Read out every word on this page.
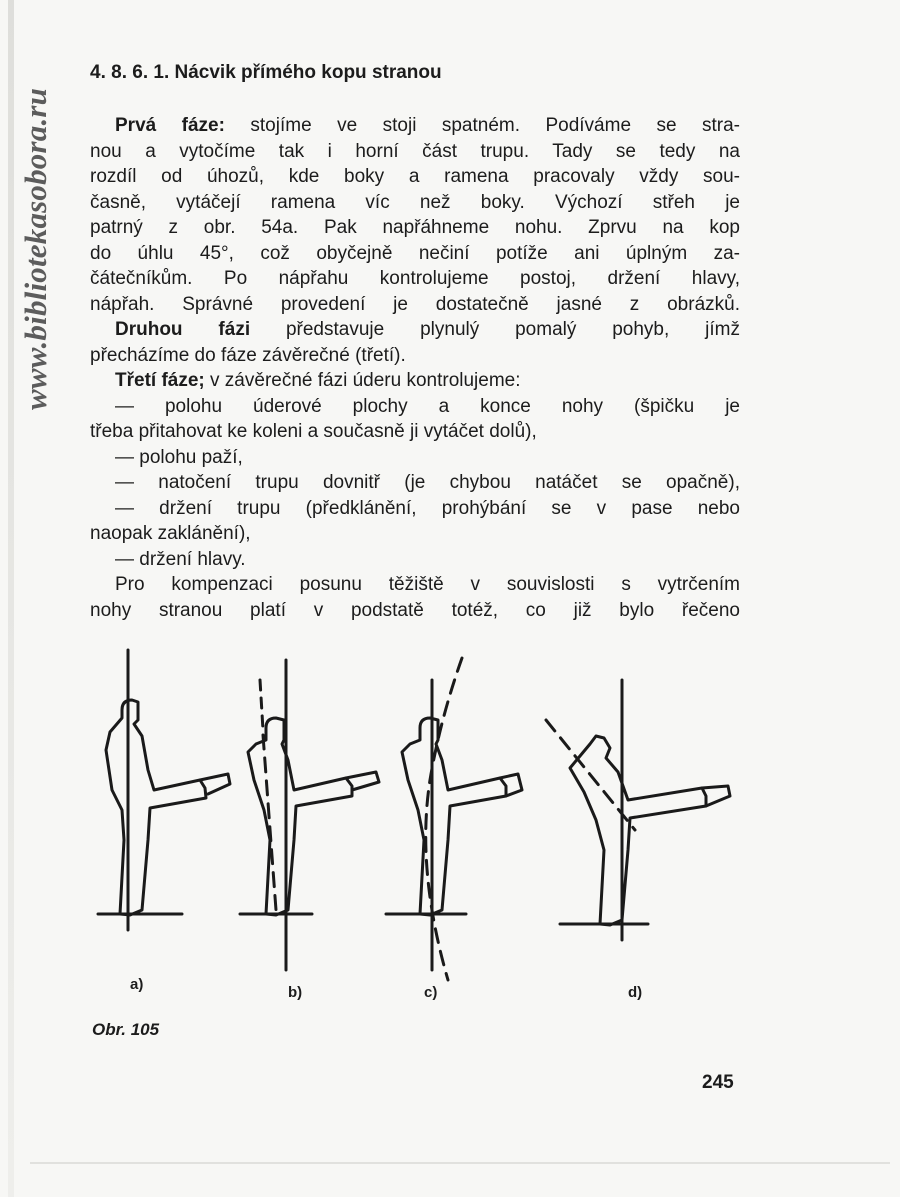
www.bibliotekasobora.ru
4. 8. 6. 1. Nácvik přímého kopu stranou
Prvá fáze: stojíme ve stoji spatném. Podíváme se stra-
nou a vytočíme tak i horní část trupu. Tady se tedy na
rozdíl od úhozů, kde boky a ramena pracovaly vždy sou-
časně, vytáčejí ramena víc než boky. Výchozí střeh je
patrný z obr. 54a. Pak napřáhneme nohu. Zprvu na kop
do úhlu 45°, což obyčejně nečiní potíže ani úplným za-
čátečníkům. Po nápřahu kontrolujeme postoj, držení hlavy,
nápřah. Správné provedení je dostatečně jasné z obrázků.
Druhou fázi představuje plynulý pomalý pohyb, jímž
přecházíme do fáze závěrečné (třetí).
Třetí fáze; v závěrečné fázi úderu kontrolujeme:
— polohu úderové plochy a konce nohy (špičku je
třeba přitahovat ke koleni a současně ji vytáčet dolů),
— polohu paží,
— natočení trupu dovnitř (je chybou natáčet se opačně),
— držení trupu (předklánění, prohýbání se v pase nebo
naopak zaklánění),
— držení hlavy.
Pro kompenzaci posunu těžiště v souvislosti s vytrčením
nohy stranou platí v podstatě totéž, co již bylo řečeno
a)	b)	c)	d)
Obr. 105
245
